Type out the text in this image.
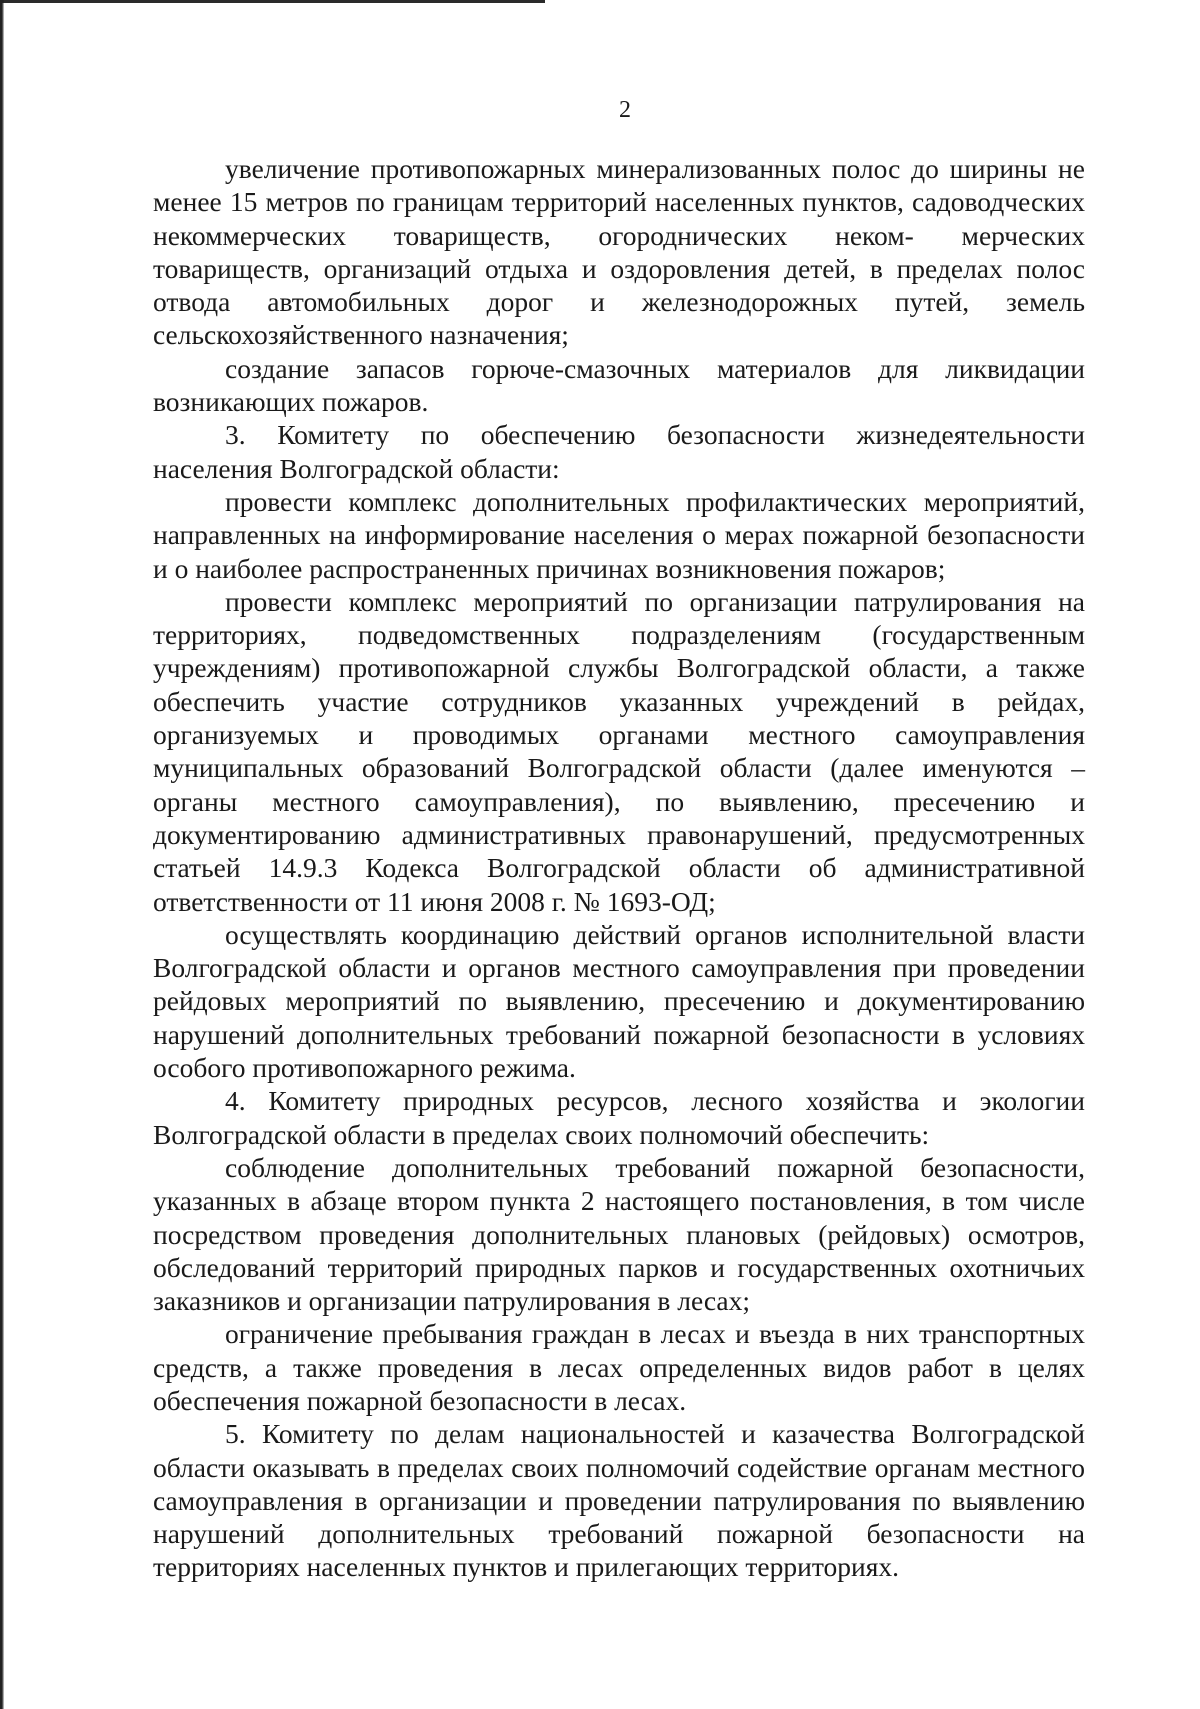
2

увеличение противопожарных минерализованных полос до ширины не менее 15 метров по границам территорий населенных пунктов, садоводческих некоммерческих товариществ, огороднических неком- мерческих товариществ, организаций отдыха и оздоровления детей, в пределах полос отвода автомобильных дорог и железнодорожных путей, земель сельскохозяйственного назначения;

создание запасов горюче-смазочных материалов для ликвидации возникающих пожаров.

3. Комитету по обеспечению безопасности жизнедеятельности населения Волгоградской области:

провести комплекс дополнительных профилактических мероприятий, направленных на информирование населения о мерах пожарной безопасности и о наиболее распространенных причинах возникновения пожаров;

провести комплекс мероприятий по организации патрулирования на территориях, подведомственных подразделениям (государственным учреждениям) противопожарной службы Волгоградской области, а также обеспечить участие сотрудников указанных учреждений в рейдах, организуемых и проводимых органами местного самоуправления муниципальных образований Волгоградской области (далее именуются – органы местного самоуправления), по выявлению, пресечению и документированию административных правонарушений, предусмотренных статьей 14.9.3 Кодекса Волгоградской области об административной ответственности от 11 июня 2008 г. № 1693-ОД;

осуществлять координацию действий органов исполнительной власти Волгоградской области и органов местного самоуправления при проведении рейдовых мероприятий по выявлению, пресечению и документированию нарушений дополнительных требований пожарной безопасности в условиях особого противопожарного режима.

4. Комитету природных ресурсов, лесного хозяйства и экологии Волгоградской области в пределах своих полномочий обеспечить:

соблюдение дополнительных требований пожарной безопасности, указанных в абзаце втором пункта 2 настоящего постановления, в том числе посредством проведения дополнительных плановых (рейдовых) осмотров, обследований территорий природных парков и государственных охотничьих заказников и организации патрулирования в лесах;

ограничение пребывания граждан в лесах и въезда в них транспортных средств, а также проведения в лесах определенных видов работ в целях обеспечения пожарной безопасности в лесах.

5. Комитету по делам национальностей и казачества Волгоградской области оказывать в пределах своих полномочий содействие органам местного самоуправления в организации и проведении патрулирования по выявлению нарушений дополнительных требований пожарной безопасности на территориях населенных пунктов и прилегающих территориях.
